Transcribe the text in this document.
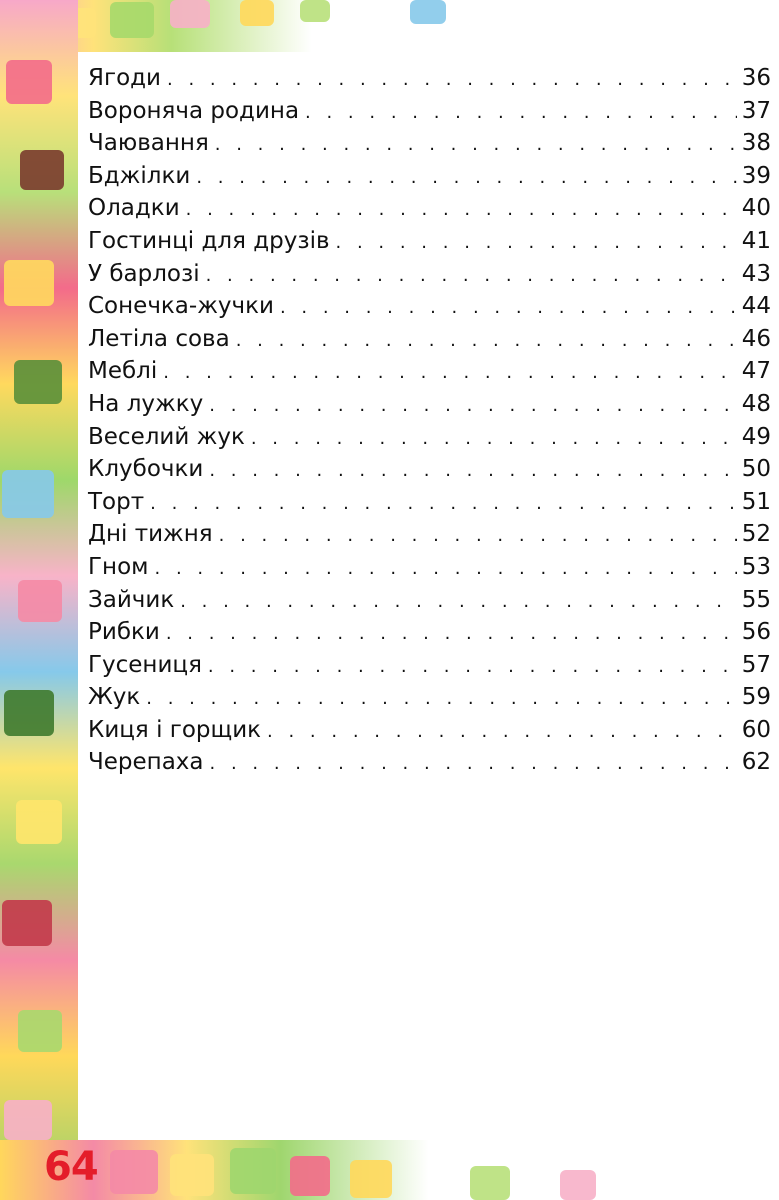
Ягоди . . .	36
Вороняча родина . . .	37
Чаювання . . .	38
Бджілки . . .	39
Оладки . . .	40
Гостинці для друзів . . .	41
У барлозі . . .	43
Сонечка-жучки . . .	44
Летіла сова . . .	46
Меблі . . .	47
На лужку . . .	48
Веселий жук . . .	49
Клубочки . . .	50
Торт . . .	51
Дні тижня . . .	52
Гном . . .	53
Зайчик . . .	55
Рибки . . .	56
Гусениця . . .	57
Жук . . .	59
Киця і горщик . . .	60
Черепаха . . .	62
64
